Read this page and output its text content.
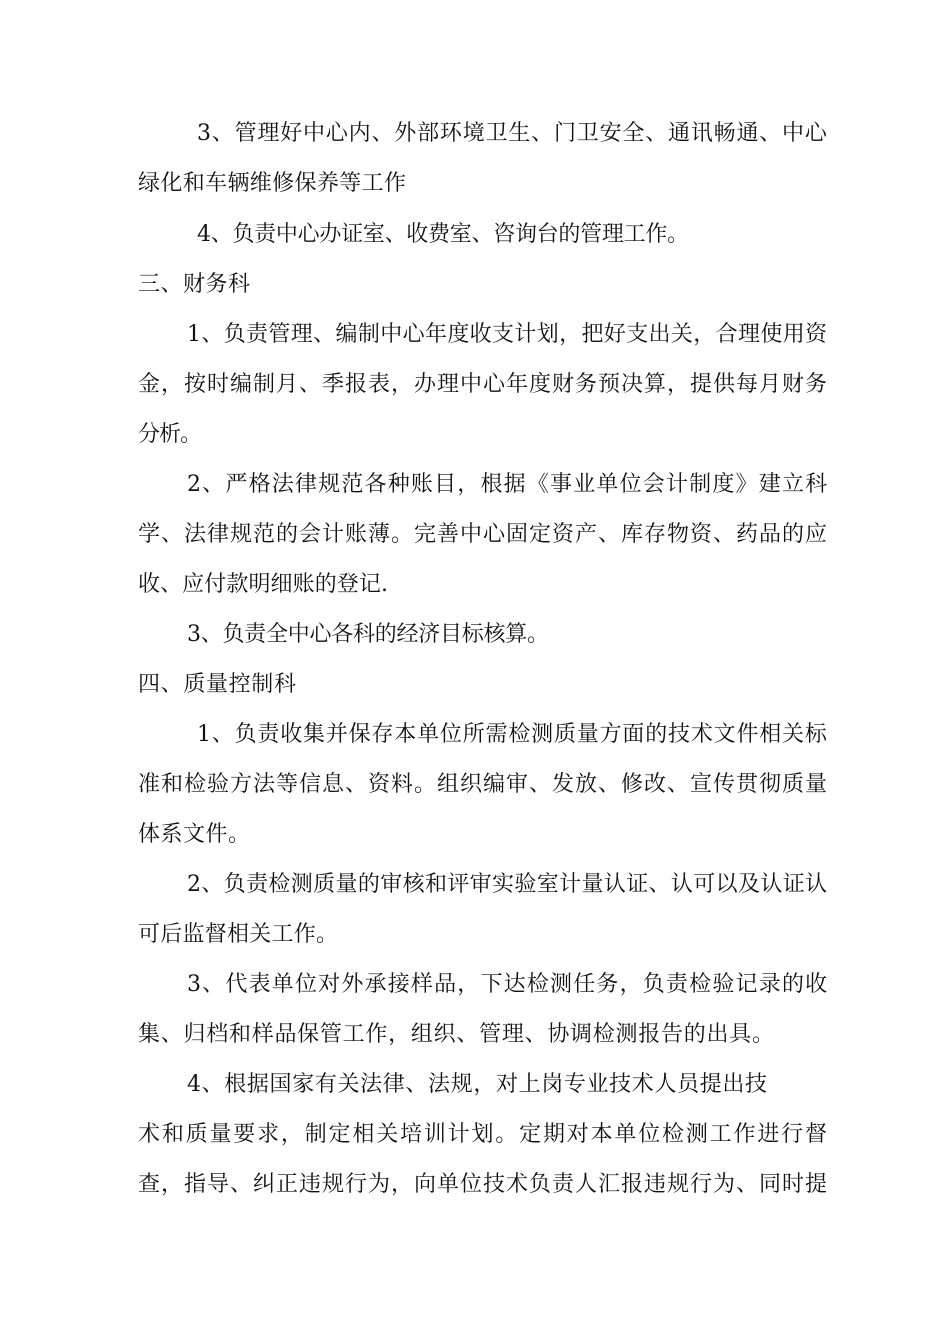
3、管理好中心内、外部环境卫生、门卫安全、通讯畅通、中心
绿化和车辆维修保养等工作
4、负责中心办证室、收费室、咨询台的管理工作。
三、财务科
1、负责管理、编制中心年度收支计划，把好支出关，合理使用资
金，按时编制月、季报表，办理中心年度财务预决算，提供每月财务
分析。
2、严格法律规范各种账目，根据《事业单位会计制度》建立科
学、法律规范的会计账薄。完善中心固定资产、库存物资、药品的应
收、应付款明细账的登记.
3、负责全中心各科的经济目标核算。
四、质量控制科
1、负责收集并保存本单位所需检测质量方面的技术文件相关标
准和检验方法等信息、资料。组织编审、发放、修改、宣传贯彻质量
体系文件。
2、负责检测质量的审核和评审实验室计量认证、认可以及认证认
可后监督相关工作。
3、代表单位对外承接样品，下达检测任务，负责检验记录的收
集、归档和样品保管工作，组织、管理、协调检测报告的出具。
4、根据国家有关法律、法规，对上岗专业技术人员提出技
术和质量要求，制定相关培训计划。定期对本单位检测工作进行督
查，指导、纠正违规行为，向单位技术负责人汇报违规行为、同时提
